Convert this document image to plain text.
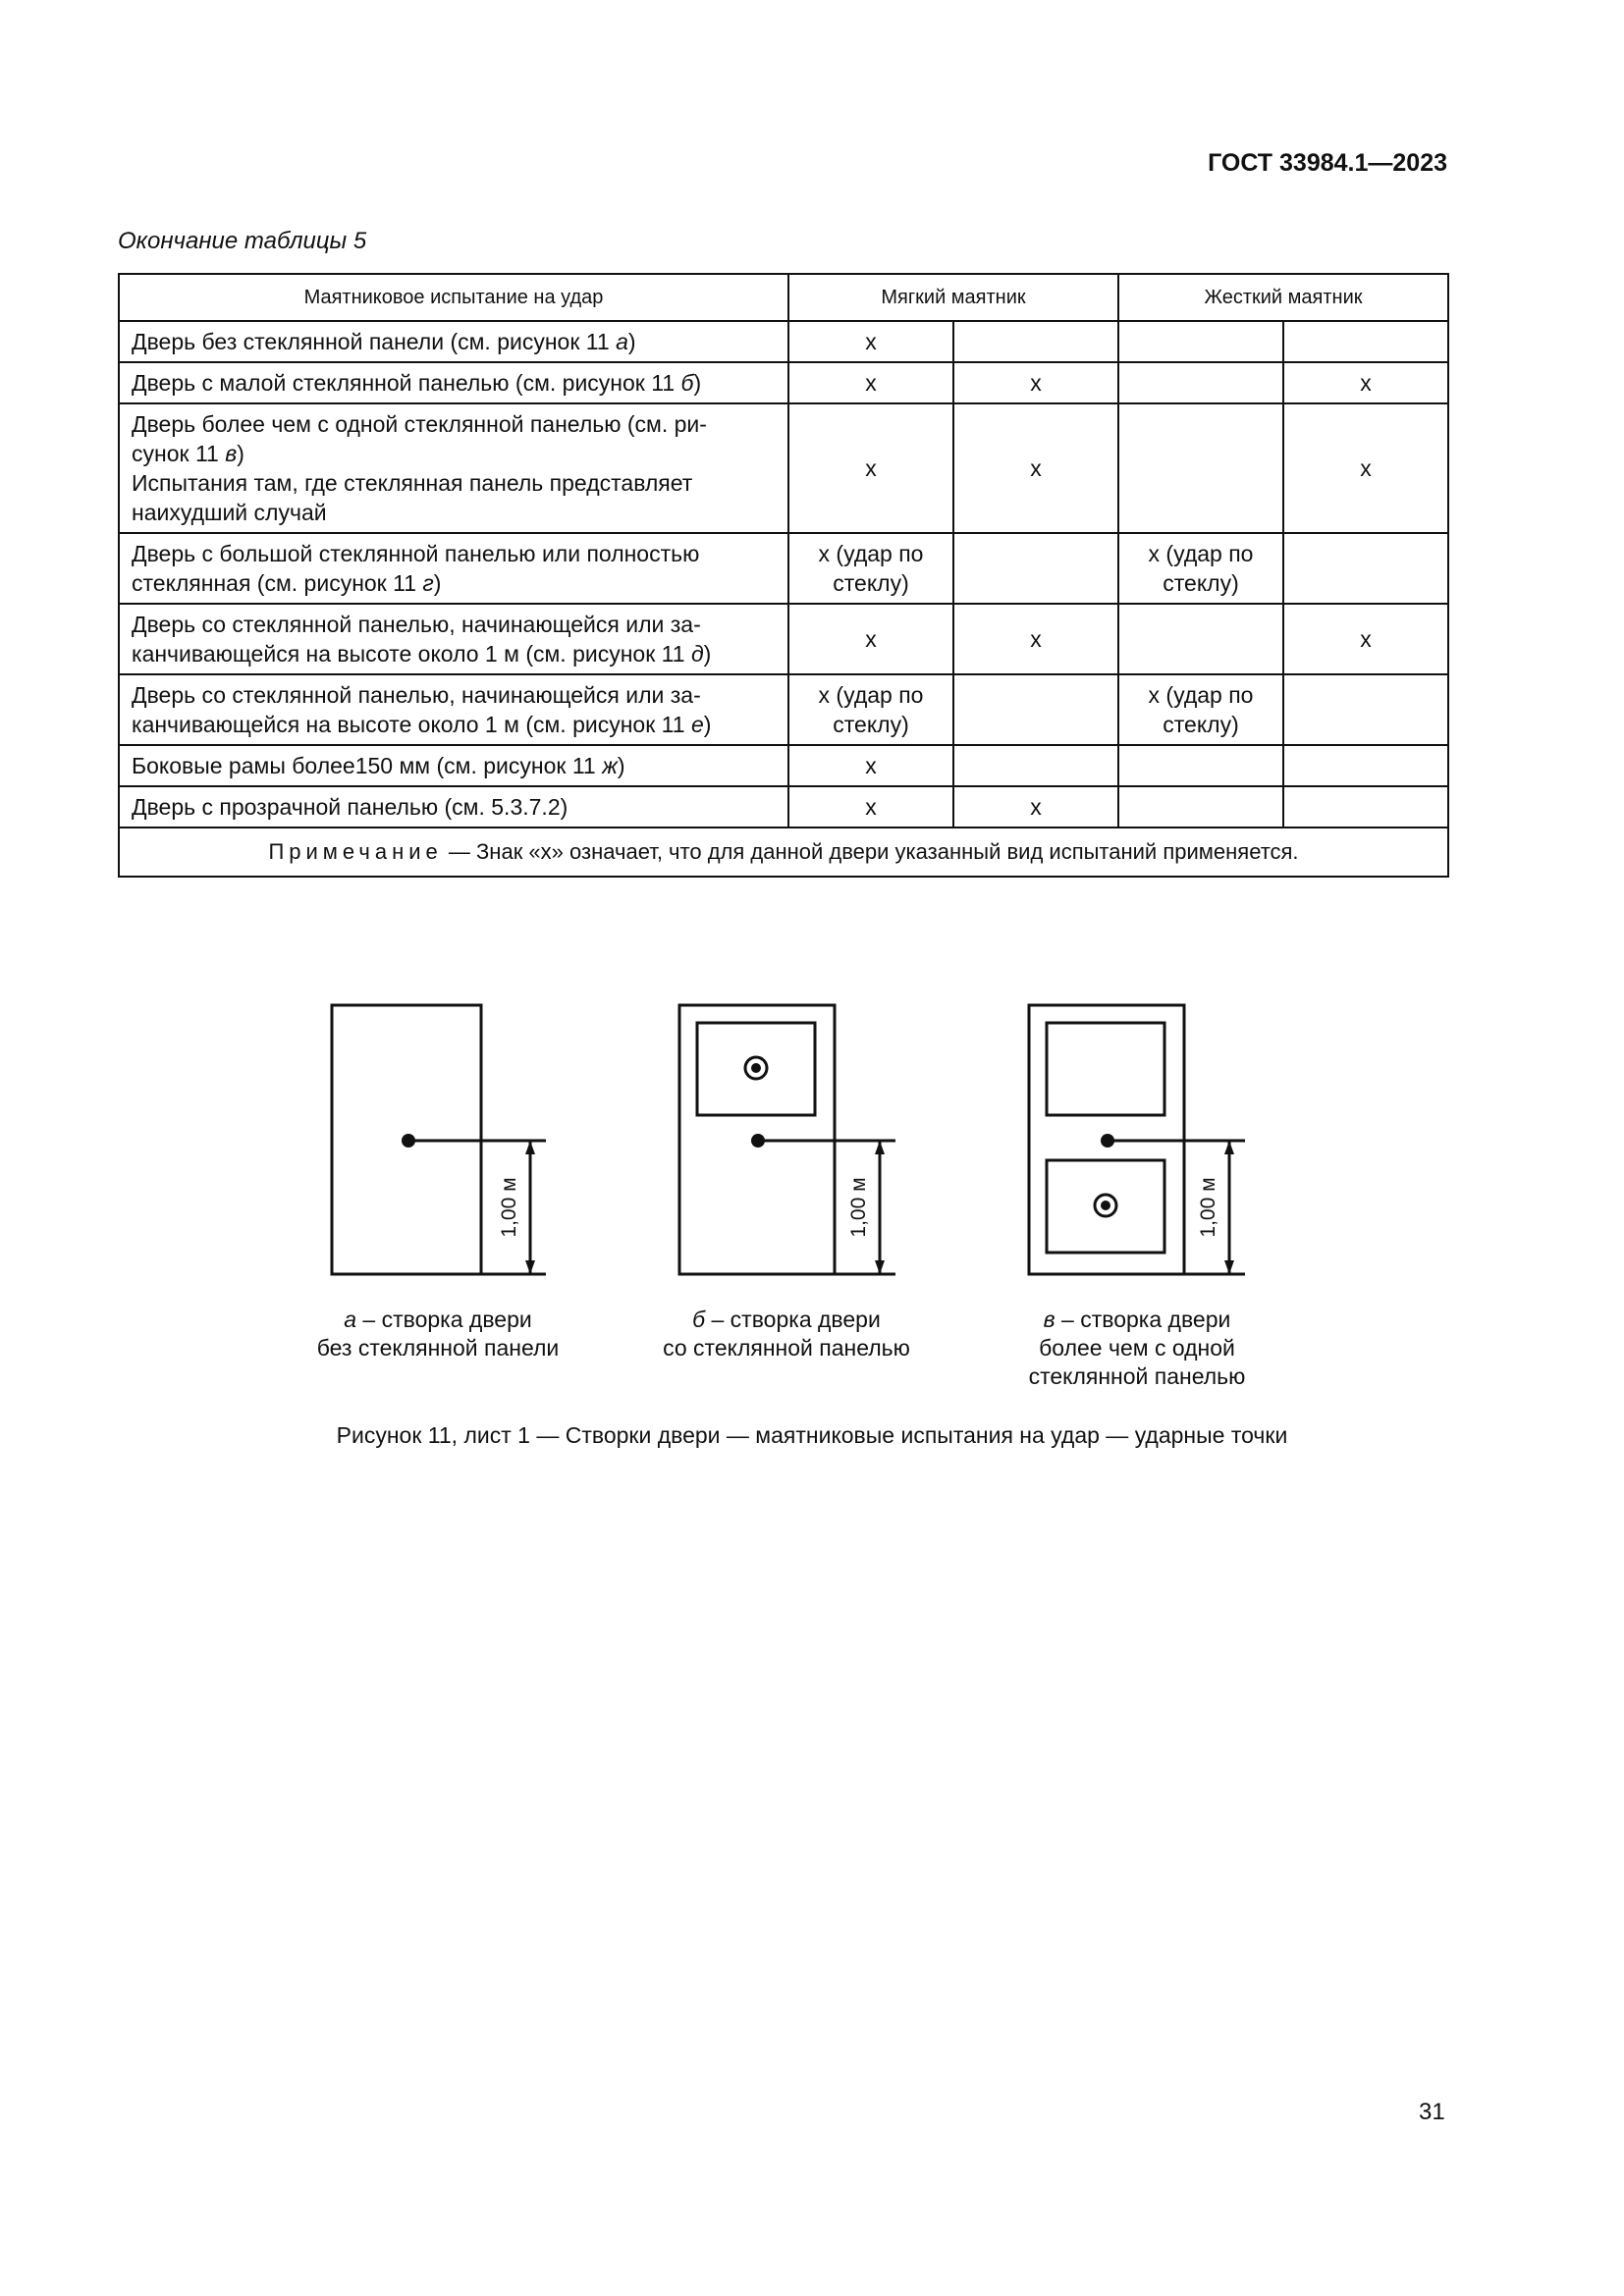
ГОСТ 33984.1—2023
Окончание таблицы 5
Маятниковое испытание на удар	Мягкий маятник		Жесткий маятник	
Дверь без стеклянной панели (см. рисунок 11 а)	x			
Дверь с малой стеклянной панелью (см. рисунок 11 б)	x	x		x
Дверь более чем с одной стеклянной панелью (см. ри-
сунок 11 в)
Испытания там, где стеклянная панель представляет
наихудший случай	x	x		x
Дверь с большой стеклянной панелью или полностью
стеклянная (см. рисунок 11 г)	x (удар по
стеклу)		x (удар по
стеклу)	
Дверь со стеклянной панелью, начинающейся или за-
канчивающейся на высоте около 1 м (см. рисунок 11 д)	x	x		x
Дверь со стеклянной панелью, начинающейся или за-
канчивающейся на высоте около 1 м (см. рисунок 11 е)	x (удар по
стеклу)		x (удар по
стеклу)	
Боковые рамы более150 мм (см. рисунок 11 ж)	x			
Дверь с прозрачной панелью (см. 5.3.7.2)	x	x		
Примечание — Знак «x» означает, что для данной двери указанный вид испытаний применяется.				
1,00 м	1,00 м	1,00 м
а – створка двери
без стеклянной панели
б – створка двери
со стеклянной панелью
в – створка двери
более чем с одной
стеклянной панелью
Рисунок 11, лист 1 — Створки двери — маятниковые испытания на удар — ударные точки
31
